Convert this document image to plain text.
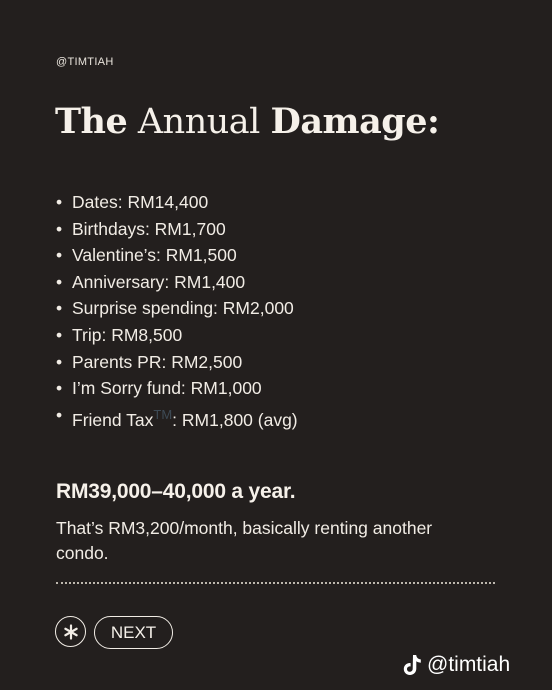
@TIMTIAH
The Annual Damage:
• Dates: RM14,400
• Birthdays: RM1,700
• Valentine’s: RM1,500
• Anniversary: RM1,400
• Surprise spending: RM2,000
• Trip: RM8,500
• Parents PR: RM2,500
• I’m Sorry fund: RM1,000
• Friend Tax™: RM1,800 (avg)

RM39,000–40,000 a year.

That’s RM3,200/month, basically renting another condo.

NEXT
@timtiah
